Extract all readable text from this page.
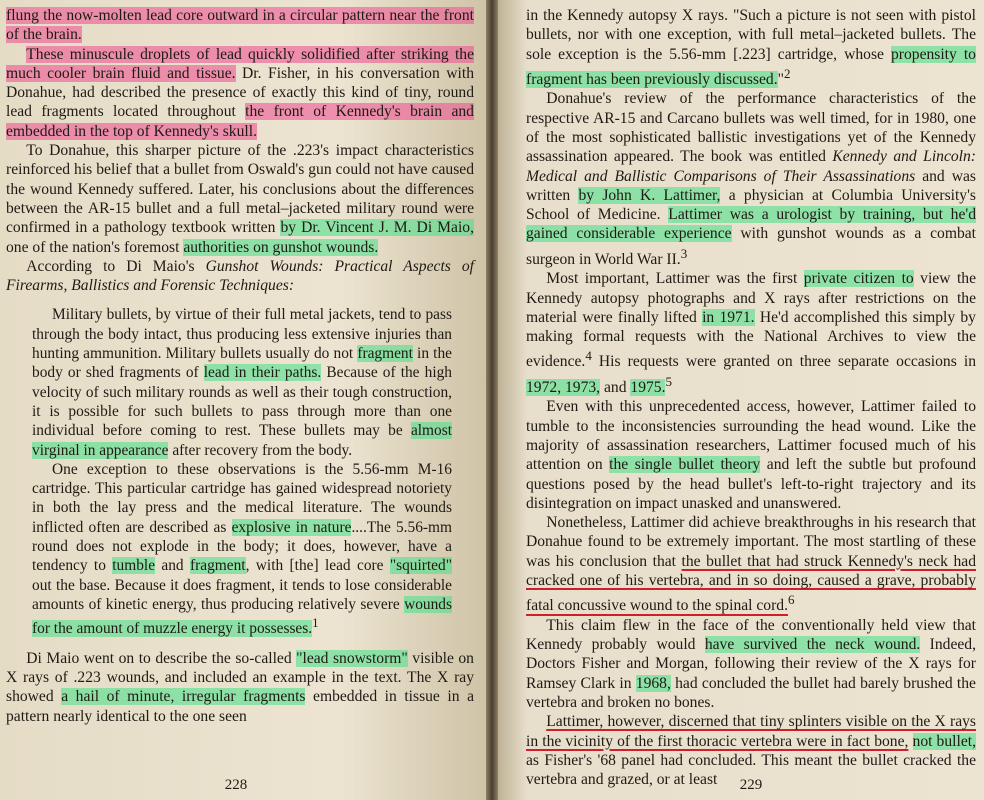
flung the now-molten lead core outward in a circular pattern near the front of the brain.

These minuscule droplets of lead quickly solidified after striking the much cooler brain fluid and tissue. Dr. Fisher, in his conversation with Donahue, had described the presence of exactly this kind of tiny, round lead fragments located throughout the front of Kennedy's brain and embedded in the top of Kennedy's skull.

To Donahue, this sharper picture of the .223's impact characteristics reinforced his belief that a bullet from Oswald's gun could not have caused the wound Kennedy suffered. Later, his conclusions about the differences between the AR-15 bullet and a full metal–jacketed military round were confirmed in a pathology textbook written by Dr. Vincent J. M. Di Maio, one of the nation's foremost authorities on gunshot wounds.

According to Di Maio's Gunshot Wounds: Practical Aspects of Firearms, Ballistics and Forensic Techniques:

Military bullets, by virtue of their full metal jackets, tend to pass through the body intact, thus producing less extensive injuries than hunting ammunition. Military bullets usually do not fragment in the body or shed fragments of lead in their paths. Because of the high velocity of such military rounds as well as their tough construction, it is possible for such bullets to pass through more than one individual before coming to rest. These bullets may be almost virginal in appearance after recovery from the body.

One exception to these observations is the 5.56-mm M-16 cartridge. This particular cartridge has gained widespread notoriety in both the lay press and the medical literature. The wounds inflicted often are described as explosive in nature....The 5.56-mm round does not explode in the body; it does, however, have a tendency to tumble and fragment, with [the] lead core "squirted" out the base. Because it does fragment, it tends to lose considerable amounts of kinetic energy, thus producing relatively severe wounds for the amount of muzzle energy it possesses.$^1$

Di Maio went on to describe the so-called "lead snowstorm" visible on X rays of .223 wounds, and included an example in the text. The X ray showed a hail of minute, irregular fragments embedded in tissue in a pattern nearly identical to the one seen

228

in the Kennedy autopsy X rays. "Such a picture is not seen with pistol bullets, nor with one exception, with full metal–jacketed bullets. The sole exception is the 5.56-mm [.223] cartridge, whose propensity to fragment has been previously discussed."$^2$

Donahue's review of the performance characteristics of the respective AR-15 and Carcano bullets was well timed, for in 1980, one of the most sophisticated ballistic investigations yet of the Kennedy assassination appeared. The book was entitled Kennedy and Lincoln: Medical and Ballistic Comparisons of Their Assassinations and was written by John K. Lattimer, a physician at Columbia University's School of Medicine. Lattimer was a urologist by training, but he'd gained considerable experience with gunshot wounds as a combat surgeon in World War II.$^3$

Most important, Lattimer was the first private citizen to view the Kennedy autopsy photographs and X rays after restrictions on the material were finally lifted in 1971. He'd accomplished this simply by making formal requests with the National Archives to view the evidence.$^4$ His requests were granted on three separate occasions in 1972, 1973, and 1975.$^5$

Even with this unprecedented access, however, Lattimer failed to tumble to the inconsistencies surrounding the head wound. Like the majority of assassination researchers, Lattimer focused much of his attention on the single bullet theory and left the subtle but profound questions posed by the head bullet's left-to-right trajectory and its disintegration on impact unasked and unanswered.

Nonetheless, Lattimer did achieve breakthroughs in his research that Donahue found to be extremely important. The most startling of these was his conclusion that the bullet that had struck Kennedy's neck had cracked one of his vertebra, and in so doing, caused a grave, probably fatal concussive wound to the spinal cord.$^6$

This claim flew in the face of the conventionally held view that Kennedy probably would have survived the neck wound. Indeed, Doctors Fisher and Morgan, following their review of the X rays for Ramsey Clark in 1968, had concluded the bullet had barely brushed the vertebra and broken no bones.

Lattimer, however, discerned that tiny splinters visible on the X rays in the vicinity of the first thoracic vertebra were in fact bone, not bullet, as Fisher's '68 panel had concluded. This meant the bullet cracked the vertebra and grazed, or at least	229
